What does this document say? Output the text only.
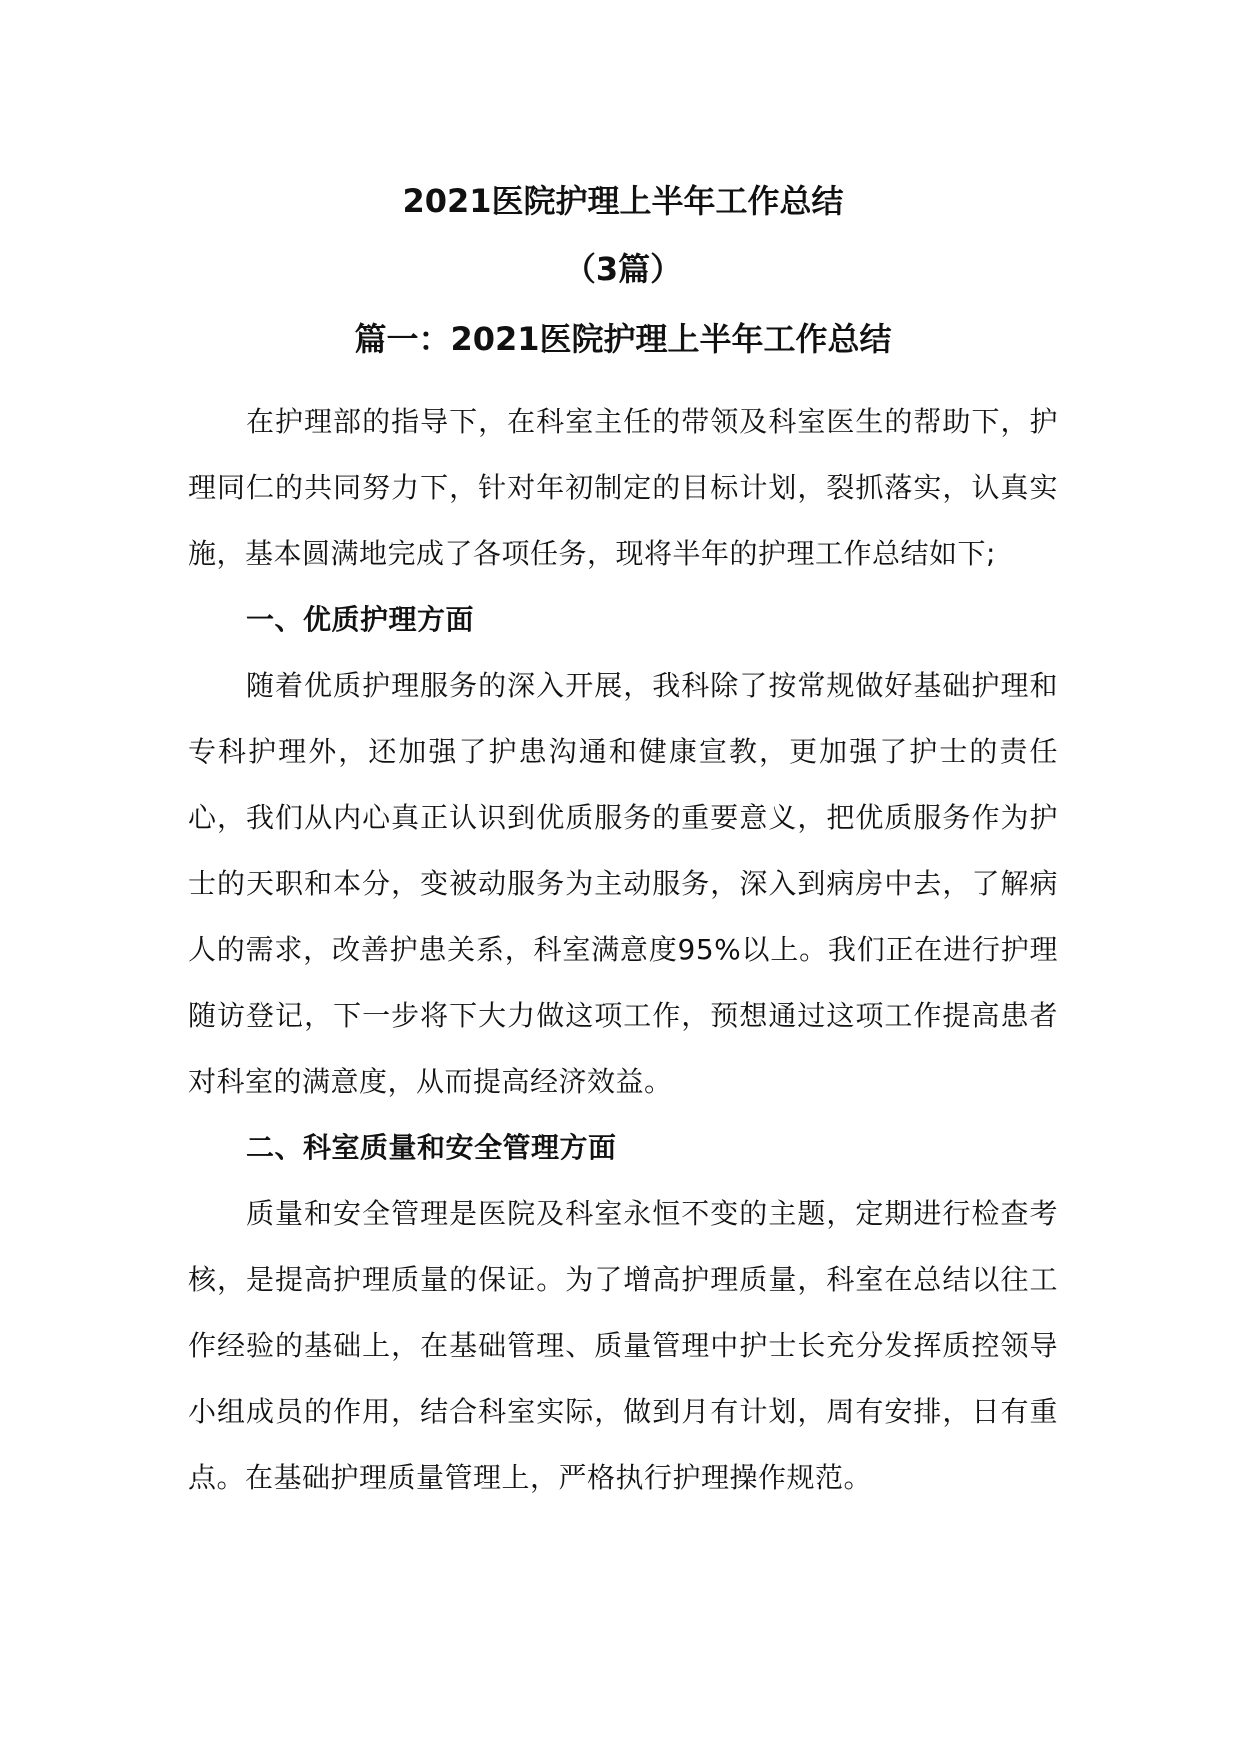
2021医院护理上半年工作总结
（3篇）
篇一：2021医院护理上半年工作总结

在护理部的指导下，在科室主任的带领及科室医生的帮助下，护理同仁的共同努力下，针对年初制定的目标计划，裂抓落实，认真实施，基本圆满地完成了各项任务，现将半年的护理工作总结如下;

一、优质护理方面

随着优质护理服务的深入开展，我科除了按常规做好基础护理和专科护理外，还加强了护患沟通和健康宣教，更加强了护士的责任心，我们从内心真正认识到优质服务的重要意义，把优质服务作为护士的天职和本分，变被动服务为主动服务，深入到病房中去，了解病人的需求，改善护患关系，科室满意度95%以上。我们正在进行护理随访登记，下一步将下大力做这项工作，预想通过这项工作提高患者对科室的满意度，从而提高经济效益。

二、科室质量和安全管理方面

质量和安全管理是医院及科室永恒不变的主题，定期进行检查考核，是提高护理质量的保证。为了增高护理质量，科室在总结以往工作经验的基础上，在基础管理、质量管理中护士长充分发挥质控领导小组成员的作用，结合科室实际，做到月有计划，周有安排，日有重点。在基础护理质量管理上，严格执行护理操作规范。
